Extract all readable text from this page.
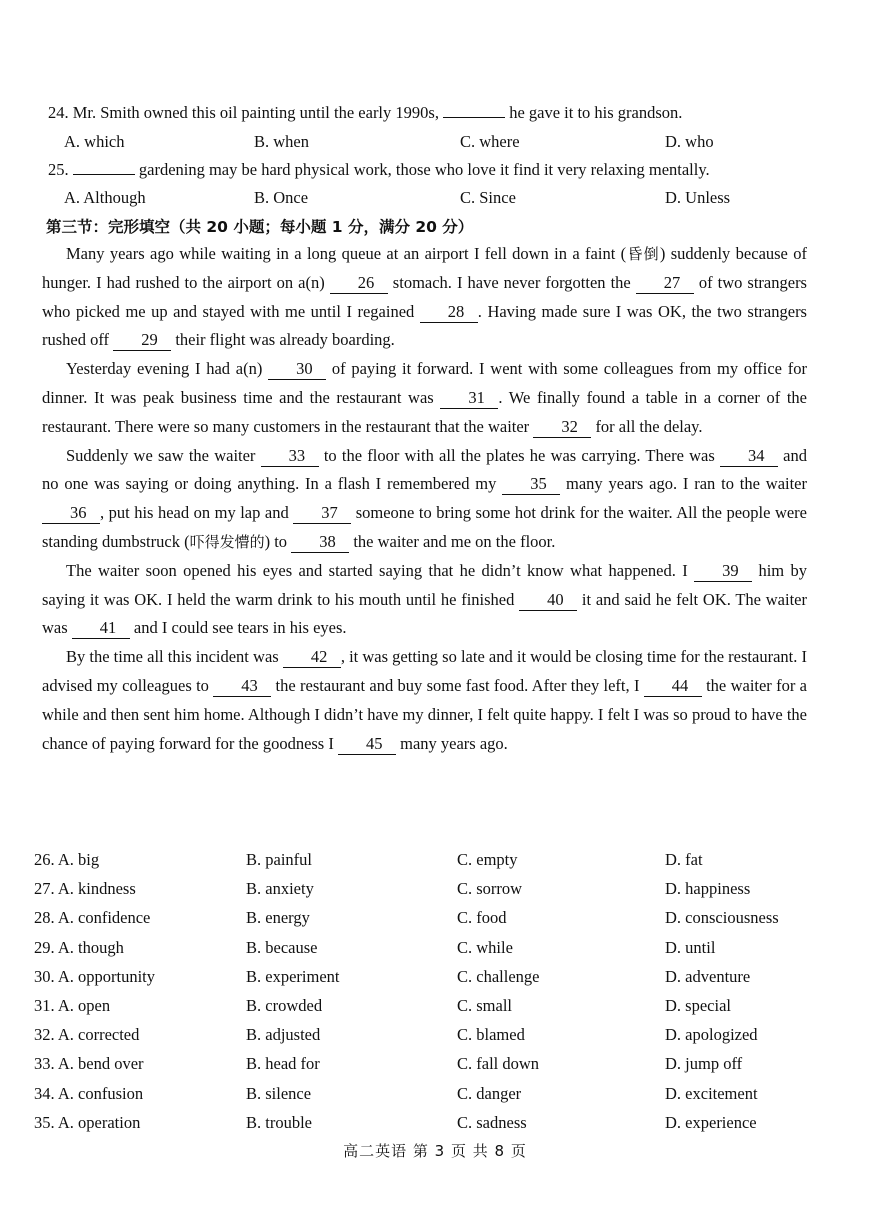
24. Mr. Smith owned this oil painting until the early 1990s,	he gave it to his grandson.
A. which	B. when	C. where	D. who
25.	gardening may be hard physical work, those who love it find it very relaxing mentally.
A. Although	B. Once	C. Since	D. Unless
第三节：完形填空（共 20 小题；每小题 1 分，满分 20 分）

Many years ago while waiting in a long queue at an airport I fell down in a faint (昏倒) suddenly because of hunger. I had rushed to the airport on a(n) 26 stomach. I have never forgotten the 27 of two strangers who picked me up and stayed with me until I regained 28 . Having made sure I was OK, the two strangers rushed off 29 their flight was already boarding.

Yesterday evening I had a(n) 30 of paying it forward. I went with some colleagues from my office for dinner. It was peak business time and the restaurant was 31 . We finally found a table in a corner of the restaurant. There were so many customers in the restaurant that the waiter 32 for all the delay.

Suddenly we saw the waiter 33 to the floor with all the plates he was carrying. There was 34 and no one was saying or doing anything. In a flash I remembered my 35 many years ago. I ran to the waiter 36 , put his head on my lap and 37 someone to bring some hot drink for the waiter. All the people were standing dumbstruck (吓得发懵的) to 38 the waiter and me on the floor.

The waiter soon opened his eyes and started saying that he didn’t know what happened. I 39 him by saying it was OK. I held the warm drink to his mouth until he finished 40 it and said he felt OK. The waiter was 41 and I could see tears in his eyes.

By the time all this incident was 42 , it was getting so late and it would be closing time for the restaurant. I advised my colleagues to 43 the restaurant and buy some fast food. After they left, I 44 the waiter for a while and then sent him home. Although I didn’t have my dinner, I felt quite happy. I felt I was so proud to have the chance of paying forward for the goodness I 45 many years ago.

26. A. big	B. painful	C. empty	D. fat
27. A. kindness	B. anxiety	C. sorrow	D. happiness
28. A. confidence	B. energy	C. food	D. consciousness
29. A. though	B. because	C. while	D. until
30. A. opportunity	B. experiment	C. challenge	D. adventure
31. A. open	B. crowded	C. small	D. special
32. A. corrected	B. adjusted	C. blamed	D. apologized
33. A. bend over	B. head for	C. fall down	D. jump off
34. A. confusion	B. silence	C. danger	D. excitement
35. A. operation	B. trouble	C. sadness	D. experience
高二英语 第 3 页 共 8 页
